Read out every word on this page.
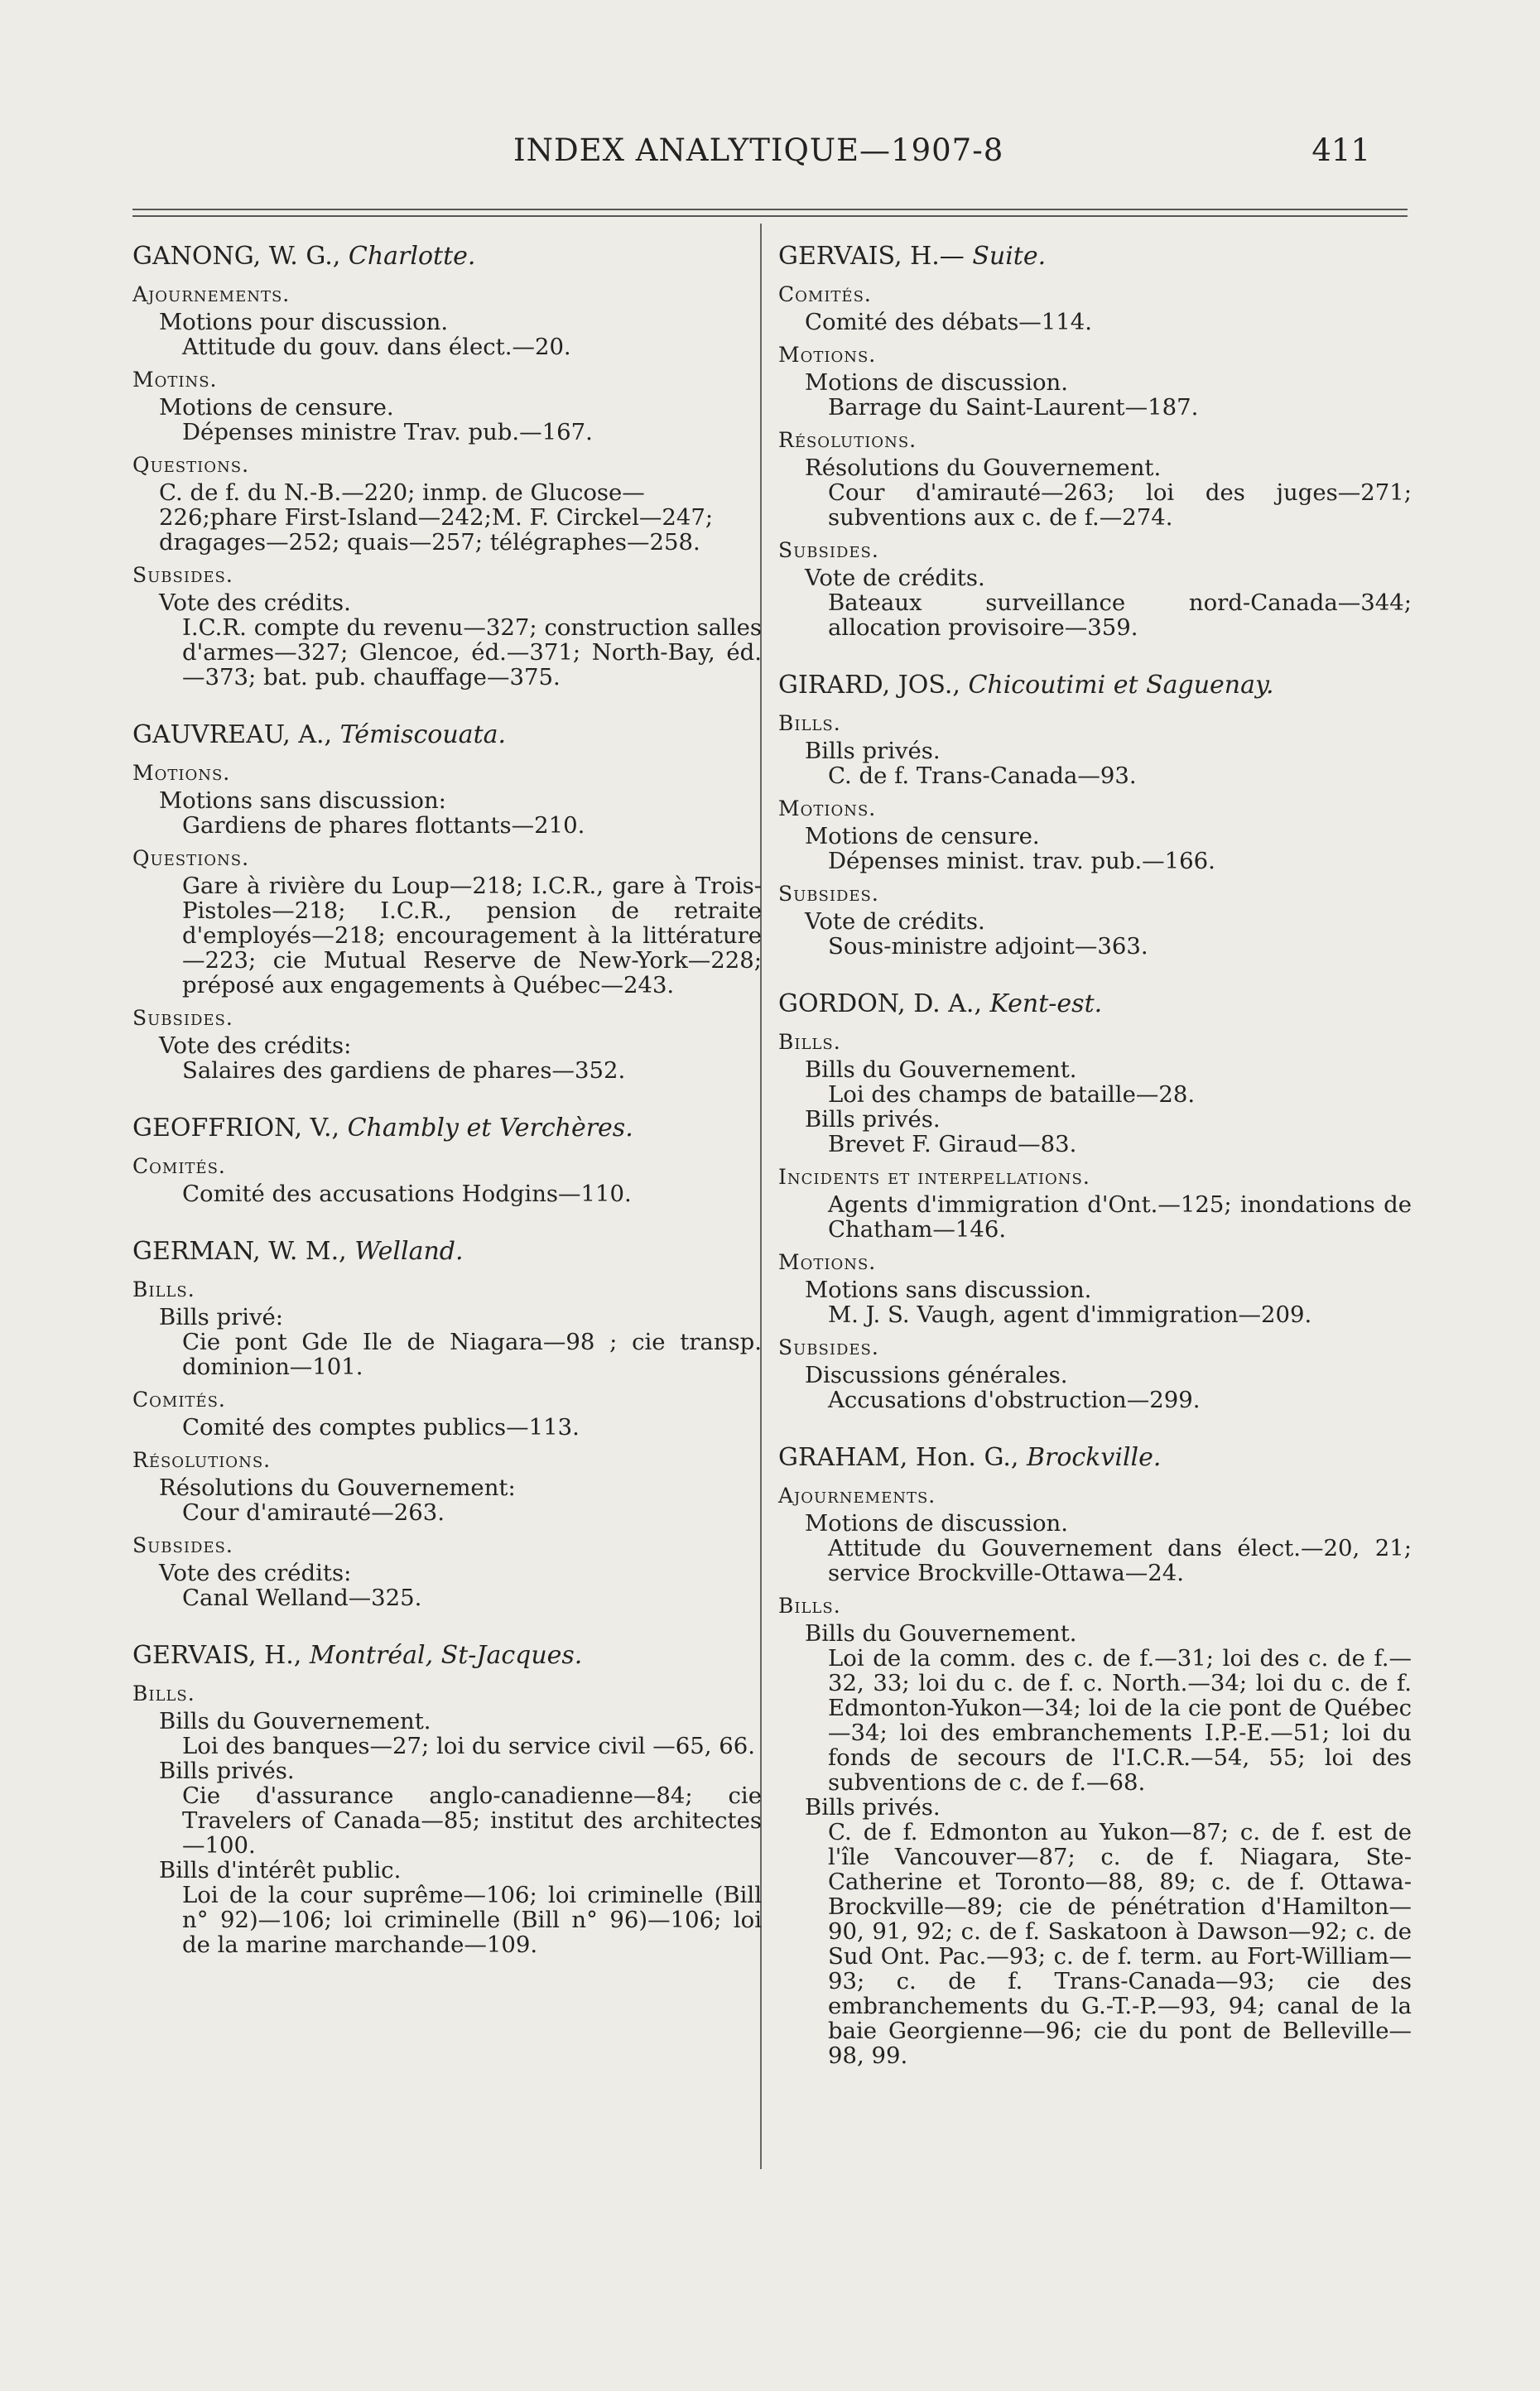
INDEX ANALYTIQUE—1907-8	411
GANONG, W. G., Charlotte.
Ajournements.
Motions pour discussion.
Attitude du gouv. dans élect.—20.
Motins.
Motions de censure.
Dépenses ministre Trav. pub.—167.
Questions.
C. de f. du N.-B.—220; inmp. de Glucose—226;phare First-Island—242;M. F. Circkel—247; dragages—252; quais—257; télégraphes—258.
Subsides.
Vote des crédits.
I.C.R. compte du revenu—327; construction salles d'armes—327; Glencoe, éd.—371; North-Bay, éd.—373; bat. pub. chauffage—375.
GAUVREAU, A., Témiscouata.
Motions.
Motions sans discussion:
Gardiens de phares flottants—210.
Questions.
Gare à rivière du Loup—218; I.C.R., gare à Trois-Pistoles—218; I.C.R., pension de retraite d'employés—218; encouragement à la littérature—223; cie Mutual Reserve de New-York—228; préposé aux engagements à Québec—243.
Subsides.
Vote des crédits:
Salaires des gardiens de phares—352.
GEOFFRION, V., Chambly et Verchères.
Comités.
Comité des accusations Hodgins—110.
GERMAN, W. M., Welland.
Bills.
Bills privé:
Cie pont Gde Ile de Niagara—98 ; cie transp. dominion—101.
Comités.
Comité des comptes publics—113.
Résolutions.
Résolutions du Gouvernement:
Cour d'amirauté—263.
Subsides.
Vote des crédits:
Canal Welland—325.
GERVAIS, H., Montréal, St-Jacques.
Bills.
Bills du Gouvernement.
Loi des banques—27; loi du service civil —65, 66.
Bills privés.
Cie d'assurance anglo-canadienne—84; cie Travelers of Canada—85; institut des architectes—100.
Bills d'intérêt public.
Loi de la cour suprême—106; loi criminelle (Bill n° 92)—106; loi criminelle (Bill n° 96)—106; loi de la marine marchande—109.
GERVAIS, H.— Suite.
Comités.
Comité des débats—114.
Motions.
Motions de discussion.
Barrage du Saint-Laurent—187.
Résolutions.
Résolutions du Gouvernement.
Cour d'amirauté—263; loi des juges—271; subventions aux c. de f.—274.
Subsides.
Vote de crédits.
Bateaux surveillance nord-Canada—344; allocation provisoire—359.
GIRARD, JOS., Chicoutimi et Saguenay.
Bills.
Bills privés.
C. de f. Trans-Canada—93.
Motions.
Motions de censure.
Dépenses minist. trav. pub.—166.
Subsides.
Vote de crédits.
Sous-ministre adjoint—363.
GORDON, D. A., Kent-est.
Bills.
Bills du Gouvernement.
Loi des champs de bataille—28.
Bills privés.
Brevet F. Giraud—83.
Incidents et interpellations.
Agents d'immigration d'Ont.—125; inondations de Chatham—146.
Motions.
Motions sans discussion.
M. J. S. Vaugh, agent d'immigration—209.
Subsides.
Discussions générales.
Accusations d'obstruction—299.
GRAHAM, Hon. G., Brockville.
Ajournements.
Motions de discussion.
Attitude du Gouvernement dans élect.—20, 21; service Brockville-Ottawa—24.
Bills.
Bills du Gouvernement.
Loi de la comm. des c. de f.—31; loi des c. de f.—32, 33; loi du c. de f. c. North.—34; loi du c. de f. Edmonton-Yukon—34; loi de la cie pont de Québec—34; loi des embranchements I.P.-E.—51; loi du fonds de secours de l'I.C.R.—54, 55; loi des subventions de c. de f.—68.
Bills privés.
C. de f. Edmonton au Yukon—87; c. de f. est de l'île Vancouver—87; c. de f. Niagara, Ste-Catherine et Toronto—88, 89; c. de f. Ottawa-Brockville—89; cie de pénétration d'Hamilton—90, 91, 92; c. de f. Saskatoon à Dawson—92; c. de Sud Ont. Pac.—93; c. de f. term. au Fort-William—93; c. de f. Trans-Canada—93; cie des embranchements du G.-T.-P.—93, 94; canal de la baie Georgienne—96; cie du pont de Belleville—98, 99.
